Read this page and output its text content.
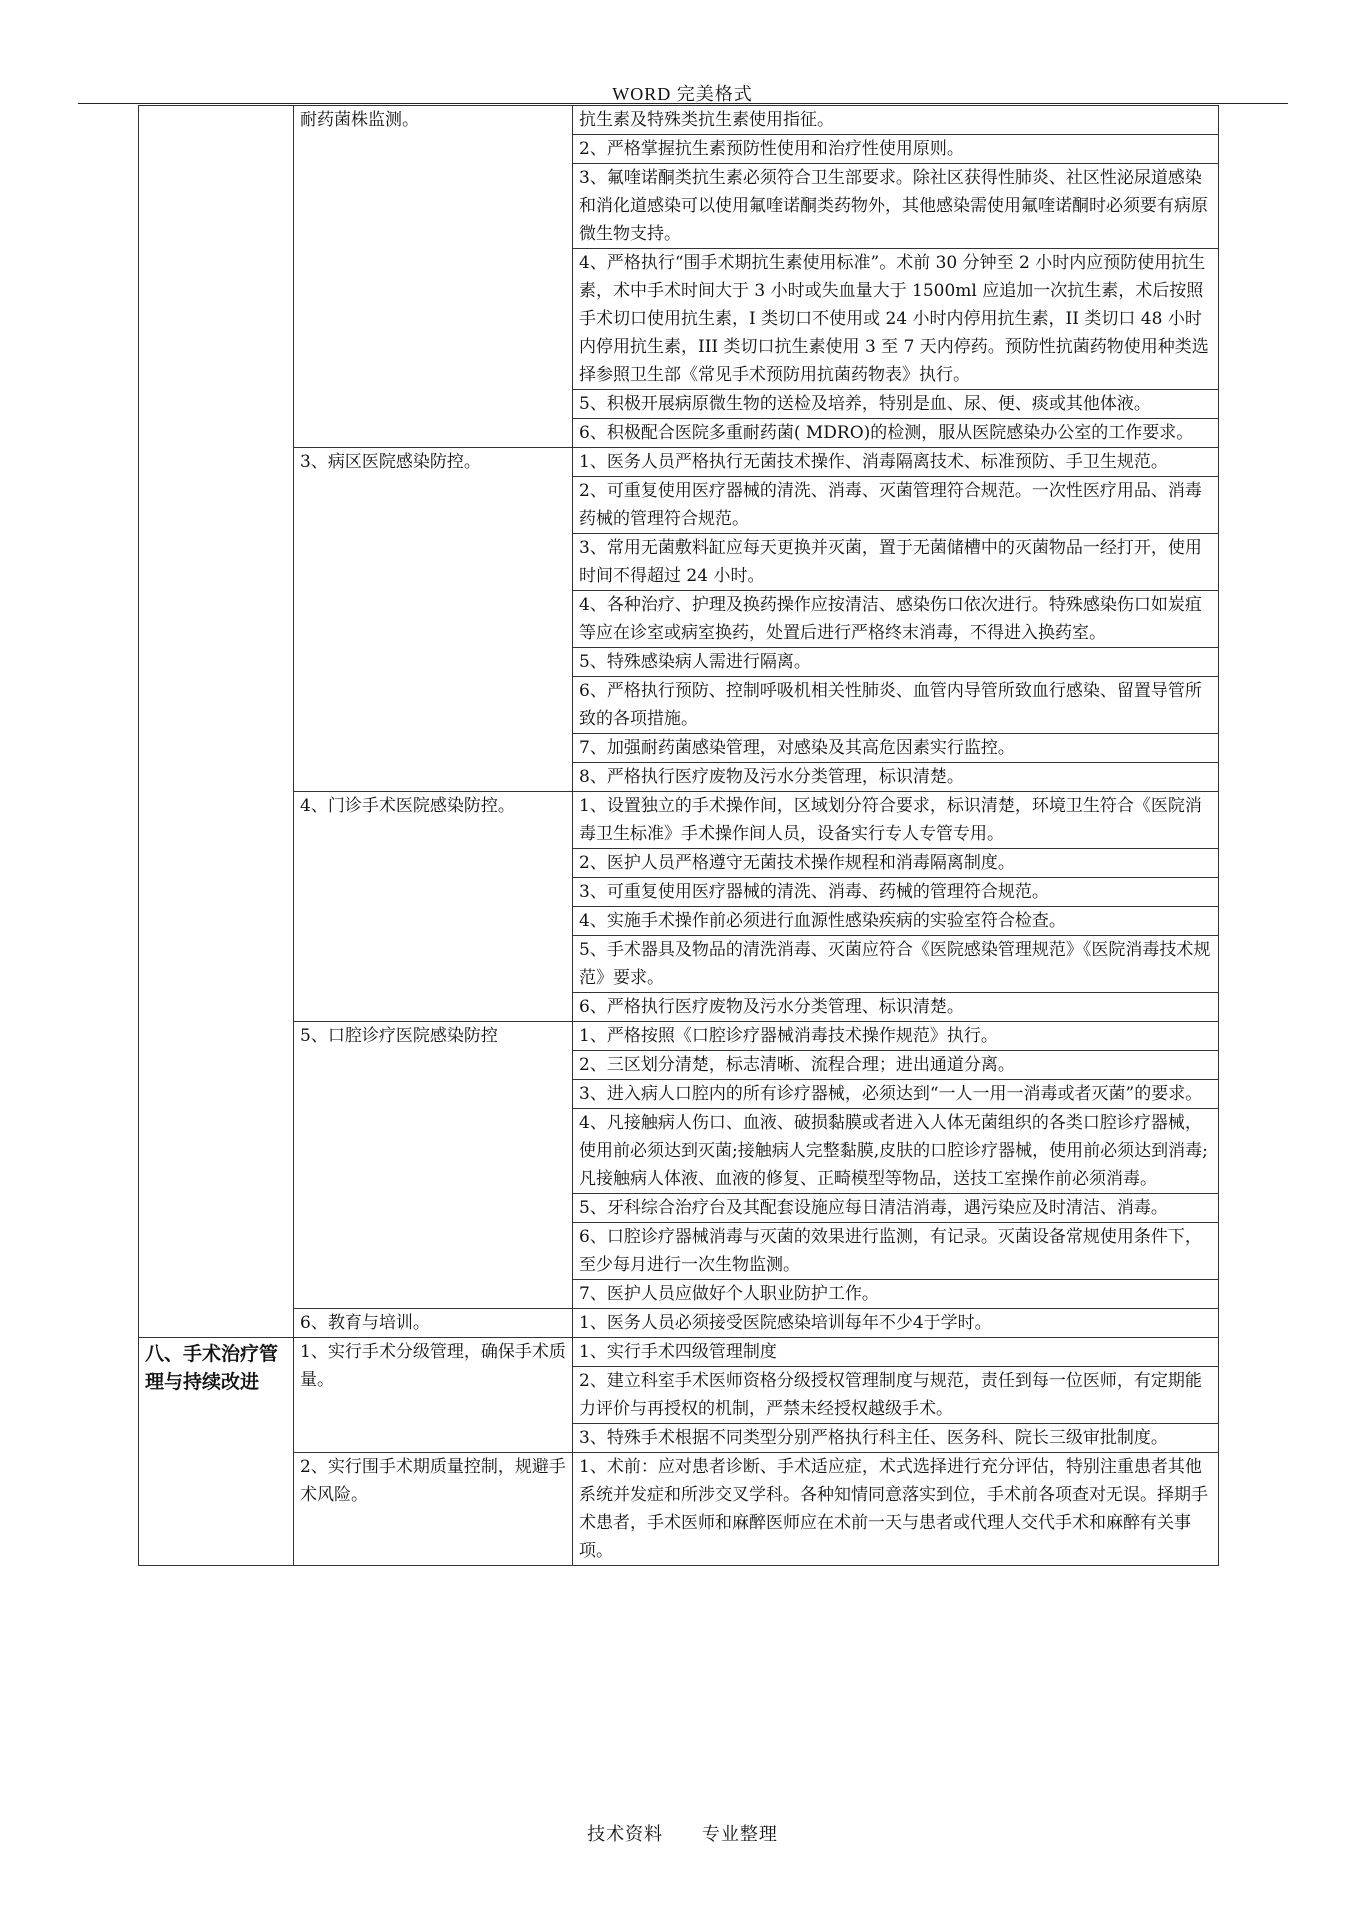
WORD 完美格式

	耐药菌株监测。	抗生素及特殊类抗生素使用指征。
		2、严格掌握抗生素预防性使用和治疗性使用原则。
		3、氟喹诺酮类抗生素必须符合卫生部要求。除社区获得性肺炎、社区性泌尿道感染和消化道感染可以使用氟喹诺酮类药物外，其他感染需使用氟喹诺酮时必须要有病原微生物支持。
		4、严格执行“围手术期抗生素使用标准”。术前 30 分钟至 2 小时内应预防使用抗生素，术中手术时间大于 3 小时或失血量大于 1500ml 应追加一次抗生素，术后按照手术切口使用抗生素，I 类切口不使用或 24 小时内停用抗生素，II 类切口 48 小时内停用抗生素，III 类切口抗生素使用 3 至 7 天内停药。预防性抗菌药物使用种类选择参照卫生部《常见手术预防用抗菌药物表》执行。
		5、积极开展病原微生物的送检及培养，特别是血、尿、便、痰或其他体液。
		6、积极配合医院多重耐药菌( MDRO)的检测，服从医院感染办公室的工作要求。

	3、病区医院感染防控。	1、医务人员严格执行无菌技术操作、消毒隔离技术、标准预防、手卫生规范。
		2、可重复使用医疗器械的清洗、消毒、灭菌管理符合规范。一次性医疗用品、消毒药械的管理符合规范。
		3、常用无菌敷料缸应每天更换并灭菌，置于无菌储槽中的灭菌物品一经打开，使用时间不得超过 24 小时。
		4、各种治疗、护理及换药操作应按清洁、感染伤口依次进行。特殊感染伤口如炭疽等应在诊室或病室换药，处置后进行严格终末消毒，不得进入换药室。
		5、特殊感染病人需进行隔离。
		6、严格执行预防、控制呼吸机相关性肺炎、血管内导管所致血行感染、留置导管所致的各项措施。
		7、加强耐药菌感染管理，对感染及其高危因素实行监控。
		8、严格执行医疗废物及污水分类管理，标识清楚。

	4、门诊手术医院感染防控。	1、设置独立的手术操作间，区域划分符合要求，标识清楚，环境卫生符合《医院消毒卫生标准》手术操作间人员，设备实行专人专管专用。
		2、医护人员严格遵守无菌技术操作规程和消毒隔离制度。
		3、可重复使用医疗器械的清洗、消毒、药械的管理符合规范。
		4、实施手术操作前必须进行血源性感染疾病的实验室符合检查。
		5、手术器具及物品的清洗消毒、灭菌应符合《医院感染管理规范》《医院消毒技术规范》要求。
		6、严格执行医疗废物及污水分类管理、标识清楚。

	5、口腔诊疗医院感染防控	1、严格按照《口腔诊疗器械消毒技术操作规范》执行。
		2、三区划分清楚，标志清晰、流程合理；进出通道分离。
		3、进入病人口腔内的所有诊疗器械，必须达到“一人一用一消毒或者灭菌”的要求。
		4、凡接触病人伤口、血液、破损黏膜或者进入人体无菌组织的各类口腔诊疗器械，使用前必须达到灭菌;接触病人完整黏膜,皮肤的口腔诊疗器械，使用前必须达到消毒;凡接触病人体液、血液的修复、正畸模型等物品，送技工室操作前必须消毒。
		5、牙科综合治疗台及其配套设施应每日清洁消毒，遇污染应及时清洁、消毒。
		6、口腔诊疗器械消毒与灭菌的效果进行监测，有记录。灭菌设备常规使用条件下，至少每月进行一次生物监测。
		7、医护人员应做好个人职业防护工作。

	6、教育与培训。	1、医务人员必须接受医院感染培训每年不少4于学时。

八、手术治疗管理与持续改进	1、实行手术分级管理，确保手术质量。	1、实行手术四级管理制度
		2、建立科室手术医师资格分级授权管理制度与规范，责任到每一位医师，有定期能力评价与再授权的机制，严禁未经授权越级手术。
		3、特殊手术根据不同类型分别严格执行科主任、医务科、院长三级审批制度。

	2、实行围手术期质量控制，规避手术风险。	1、术前：应对患者诊断、手术适应症，术式选择进行充分评估，特别注重患者其他系统并发症和所涉交叉学科。各种知情同意落实到位，手术前各项查对无误。择期手术患者，手术医师和麻醉医师应在术前一天与患者或代理人交代手术和麻醉有关事项。
技术资料 专业整理
